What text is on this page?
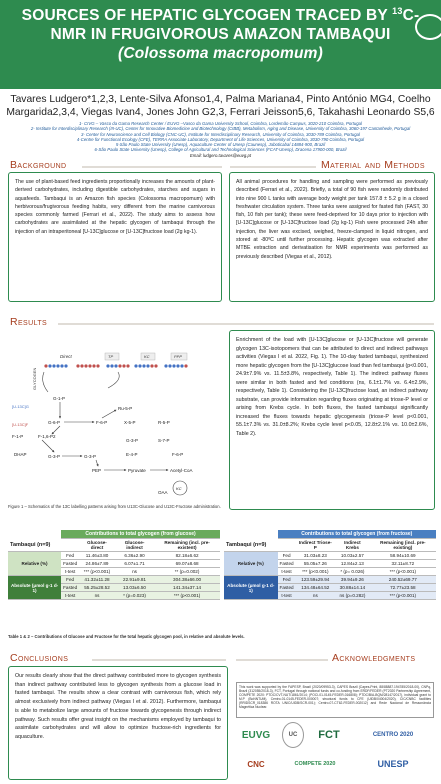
SOURCES OF HEPATIC GLYCOGEN TRACED BY $^{13}$C-
NMR IN FRUGIVOROUS AMAZON TAMBAQUI
(Colossoma macropomum)
Tavares Ludgero*1,2,3, Lente-Silva Afonso1,4, Palma Mariana4, Pinto António MG4, Coelho
Margarida2,3,4, Viegas Ivan4, Jones John G2,3, Ferrari Jeisson5,6, Takahashi Leonardo S5,6
1- CIVG – Vasco da Gama Research Center / EUVG –Vasco da Gama University School, Coimbra, Lordemão Campus, 3020-210 Coimbra, Portugal
2- Institute for Interdisciplinary Research (III-UC), Center for Innovative Biomedicine and Biotechnology (CIBB), Metabolism, Aging and Disease, University of Coimbra, 3060-197 Cantanhede, Portugal
3- Center for Neuroscience and Cell Biology (CNC-UC), Institute for Interdisciplinary Research, University of Coimbra, 3030-789 Coimbra, Portugal
4-Centre for Functional Ecology (CFE), TERRA Associate Laboratory, Department of Life Sciences, University of Coimbra, 3030-790 Coimbra, Portugal
5-São Paulo State University (Unesp), Aquaculture Center of Unesp (Caunesp), Jaboticabal 14884-900, Brazil
6-São Paulo State University (Unesp), College of Agricultural and Technological Sciences (FCAT-Unesp), Dracena 17900-000, Brazil
Email: ludgero.tavares@euvg.pt
Background
The use of plant-based feed ingredients proportionally increases the amounts of plant-derived carbohydrates, including digestible carbohydrates, starches and sugars in aquafeeds. Tambaqui is an Amazon fish species (Colossoma macropomum) with herbivorous/frugivorous feeding habits, very different from the marine carnivorous species commonly farmed (Ferrari et al., 2022). The study aims to assess how carbohydrates are assimilated at the hepatic glycogen of tambaqui through the injection of an intraperitoneal [U-13C]glucose or [U-13C]fructose load (2g kg-1).
Material and Methods
All animal procedures for handling and sampling were performed as previously described (Ferrari et al., 2022). Briefly, a total of 90 fish were randomly distributed into nine 900 L tanks with average body weight per tank 157.8 ± 5.2 g in a closed freshwater circulation system. Three tanks were assigned for fasted fish (FAST, 30 fish, 10 fish per tank); these were feed-deprived for 10 days prior to injection with [U-13C]glucose or [U-13C]fructose load (2g kg-1) Fish were processed 24h after injection, the liver was excised, weighed, freeze-clamped in liquid nitrogen, and stored at -80ºC until further processing. Hepatic glycogen was extracted after MTBE extraction and derivatisation for NMR experiments was performed as previously described (Viegas et al., 2012).
Results
Direct	TP	KC	PPP
GLYCOGEN
G-1-P
[U-13C]G
[U-13C]F	G-6-P	F-6-P
Ru-5-P
R-5-P
X-5-P
S-7-P
G-3-P
E-4-P	F-6-P
F-1-P	F-1,6-P2
DHAP	G-3-P	G-3-P
PEP	Pyruvate	Acetyl-CoA
KC
OAA
Figure 1 – Schematics of the 13C labelling patterns arising from U13C-Glucose and U13C-Fructose administration.
Enrichment of the load with [U-13C]glucose or [U-13C]fructose will generate glycogen 13C-isotopomers that can be attributed to direct and indirect pathways activities (Viegas I et al. 2022, Fig. 1). The 10-day fasted tambaqui, synthesized more hepatic glycogen from the [U-13C]glucose load than fed tambaqui (p<0.001, 24.9±7.9% vs. 11.5±3.8%, respectively, Table 1). The indirect pathway fluxes were similar in both fasted and fed conditions (ns, 6.1±1.7% vs. 6.4±2.9%, respectively, Table 1). Considering the [U-13C]fructose load, an indirect pathway substrate, can provide information regarding fluxes originating at triose-P level or arising from Krebs cycle. In both fluxes, the fasted tambaqui significantly increased the fluxes towards hepatic glycogenesis (triose-P level p<0.001, 55.1±7.3% vs. 31.0±8.2%; Krebs cycle level p<0.05, 12.8±2.1% vs. 10.0±2.6%, Table 2).
	Contributions to total glycogen (from glucose)			
Tambaqui (n=9)		Glucose-direct	Glucose-indirect	Remaining (incl. pre-existent)
Relative (%)	Fed	11.46±3.80	6.36±2.90	82.18±6.62
	Fasted	24.86±7.89	6.07±1.71	69.07±8.68
	t-test	*** (p<0.001)	ns	** (p=0.002)
Absolute (μmol g-1 d-1)	Fed	41.32±11.28	22.91±9.81	304.38±66.00
	Fasted	55.25±28.52	13.03±6.50	141.34±37.14
	t-test	ns	* (p=0.023)	*** (p<0.001)
	Contributions to total glycogen (from fructose)			
Tambaqui (n=9)		Indirect Triose-P	Indirect Krebs	Remaining (incl. pre-existing)
Relative (%)	Fed	31.03±8.23	10.03±2.57	58.94±10.69
	Fasted	55.05±7.26	12.84±2.13	32.11±8.72
	t-test	*** (p<0.001)	* (p= 0.026)	*** (p<0.001)
Absolute (μmol g-1 d-1)	Fed	123.59±29.94	39.94±9.26	240.52±69.77
	Fasted	134.48±64.52	30.88±14.14	72.77±23.58
	t-test	ns	ns (p=0.282)	*** (p<0.001)
Table 1 & 2 – Contributions of Glucose and Fructose for the total hepatic glycogen pool, in relative and absolute levels.
Conclusions
Our results clearly show that the direct pathway contributed more to glycogen synthesis than indirect pathway contributed less to glycogen synthesis from a glucose load in fasted tambaqui. The results show a clear contrast with carnivorous fish, which rely almost exclusively from indirect pathway (Viegas I et al. 2012). Furthermore, tambaqui is able to metabolize large amounts of fructose towards glycogenesis through indirect pathway. Such results offer great insight on the mechanisms employed by tambaqui to assimilate carbohydrates and will allow to optimize fructose-rich ingredients for aquaculture.
Acknowledgments
This work was supported by the FAPESP, Brazil (2020/09953-3), CAPES Brazil (Capes-Print, 88/88887.194785/2018-00), CNPq, Brazil (312055/2018-3), FCT, Portugal through national funds and co-funding from ERDF/FEDER (PT2020 Partnership Agreement, COMPETE 2020: PTDC/CVT-NUT/1861/2014; (POCI-01-0145-FEDER-016808); PTDC/BIA-BQM/28147/2017), individual grant to M.P (BoNNTUM), Centro-01-0145-FEDER-000007; structural funds to CFE (UIDB/04004/2020), CIC/CNBC facilities (RRIDSCR_018386 ROTA UNIC/UIDB/SCR-001); Centro-07-CT62-FEDER-002012) and Rede Nacional de Ressonância Magnética Nuclear.
EUVG	UC	FCT	CENTRO 2020
CNC	COMPETE 2020	UNESP
